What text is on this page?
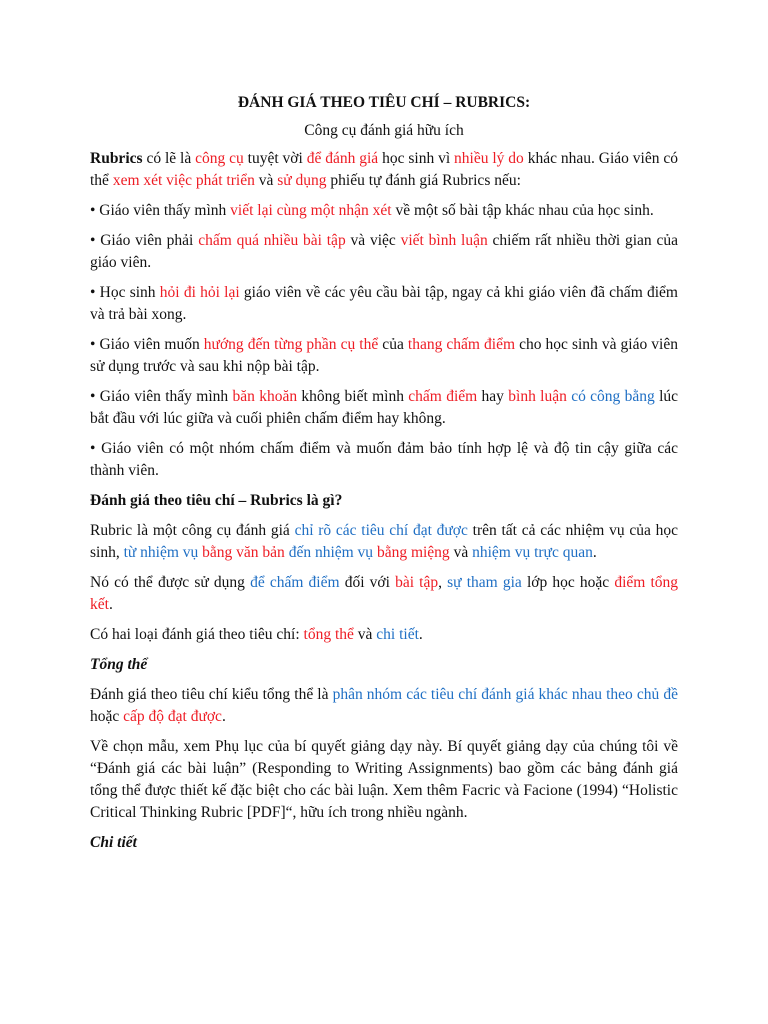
ĐÁNH GIÁ THEO TIÊU CHÍ – RUBRICS:

Công cụ đánh giá hữu ích

Rubrics có lẽ là công cụ tuyệt vời để đánh giá học sinh vì nhiều lý do khác nhau. Giáo viên có thể xem xét việc phát triển và sử dụng phiếu tự đánh giá Rubrics nếu:

• Giáo viên thấy mình viết lại cùng một nhận xét về một số bài tập khác nhau của học sinh.

• Giáo viên phải chấm quá nhiều bài tập và việc viết bình luận chiếm rất nhiều thời gian của giáo viên.

• Học sinh hỏi đi hỏi lại giáo viên về các yêu cầu bài tập, ngay cả khi giáo viên đã chấm điểm và trả bài xong.

• Giáo viên muốn hướng đến từng phần cụ thể của thang chấm điểm cho học sinh và giáo viên sử dụng trước và sau khi nộp bài tập.

• Giáo viên thấy mình băn khoăn không biết mình chấm điểm hay bình luận có công bằng lúc bắt đầu với lúc giữa và cuối phiên chấm điểm hay không.

• Giáo viên có một nhóm chấm điểm và muốn đảm bảo tính hợp lệ và độ tin cậy giữa các thành viên.

Đánh giá theo tiêu chí – Rubrics là gì?

Rubric là một công cụ đánh giá chỉ rõ các tiêu chí đạt được trên tất cả các nhiệm vụ của học sinh, từ nhiệm vụ bằng văn bản đến nhiệm vụ bằng miệng và nhiệm vụ trực quan.

Nó có thể được sử dụng để chấm điểm đối với bài tập, sự tham gia lớp học hoặc điểm tổng kết.

Có hai loại đánh giá theo tiêu chí: tổng thể và chi tiết.

Tổng thể

Đánh giá theo tiêu chí kiểu tổng thể là phân nhóm các tiêu chí đánh giá khác nhau theo chủ đề hoặc cấp độ đạt được.

Về chọn mẫu, xem Phụ lục của bí quyết giảng dạy này. Bí quyết giảng dạy của chúng tôi về “Đánh giá các bài luận” (Responding to Writing Assignments) bao gồm các bảng đánh giá tổng thể được thiết kế đặc biệt cho các bài luận. Xem thêm Facric và Facione (1994) “Holistic Critical Thinking Rubric [PDF]“, hữu ích trong nhiều ngành.

Chi tiết
